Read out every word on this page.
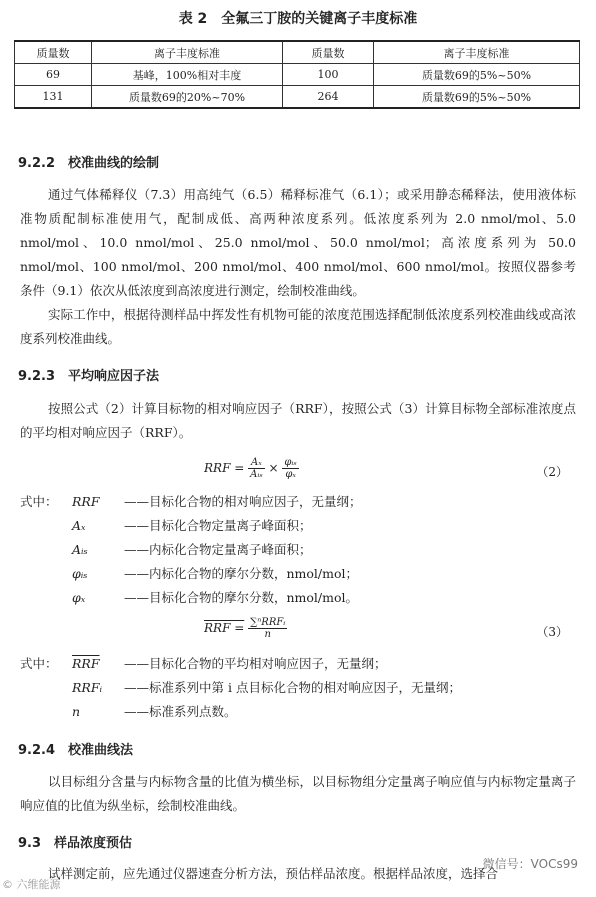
表 2　全氟三丁胺的关键离子丰度标准
质量数	离子丰度标准	质量数	离子丰度标准
69	基峰，100%相对丰度	100	质量数69的5%~50%
131	质量数69的20%~70%	264	质量数69的5%~50%
9.2.2　校准曲线的绘制
通过气体稀释仪（7.3）用高纯气（6.5）稀释标准气（6.1）；或采用静态稀释法，使用液体标准物质配制标准使用气，配制成低、高两种浓度系列。低浓度系列为 2.0 nmol/mol、5.0 nmol/mol、10.0 nmol/mol、25.0 nmol/mol、50.0 nmol/mol；高浓度系列为 50.0 nmol/mol、100 nmol/mol、200 nmol/mol、400 nmol/mol、600 nmol/mol。按照仪器参考条件（9.1）依次从低浓度到高浓度进行测定，绘制校准曲线。
实际工作中，根据待测样品中挥发性有机物可能的浓度范围选择配制低浓度系列校准曲线或高浓度系列校准曲线。
9.2.3　平均响应因子法
按照公式（2）计算目标物的相对响应因子（RRF），按照公式（3）计算目标物全部标准浓度点的平均相对响应因子（RRF）。
RRF = $\frac{\text{Aₓ}}{\text{Aᵢₛ}} \times \frac{\text{φᵢₛ}}{\text{φₓ}}$	（2）
式中： RRF ——目标化合物的相对响应因子，无量纲；
Aₓ	——目标化合物定量离子峰面积；
Aᵢₛ	——内标化合物定量离子峰面积；
φᵢₛ	——内标化合物的摩尔分数，nmol/mol；
φₓ	——目标化合物的摩尔分数，nmol/mol。
RRF = $\frac{\text{∑ⁿRRFᵢ}}{n}$	（3）
式中： $\overline{RRF}$ ——目标化合物的平均相对响应因子，无量纲；
RRFᵢ ——标准系列中第 i 点目标化合物的相对响应因子，无量纲；
n	——标准系列点数。
9.2.4　校准曲线法
以目标组分含量与内标物含量的比值为横坐标，以目标物组分定量离子响应值与内标物定量离子响应值的比值为纵坐标，绘制校准曲线。
9.3　样品浓度预估
试样测定前，应先通过仪器速查分析方法，预估样品浓度。根据样品浓度，选择合
微信号：VOCs99
© 六维能源
